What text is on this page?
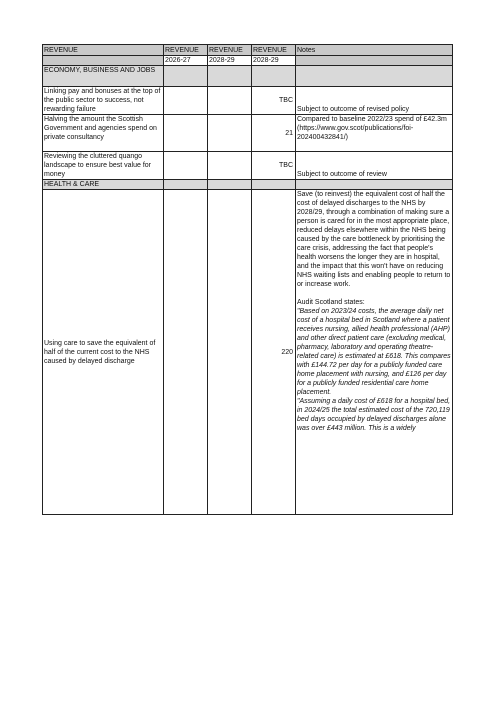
REVENUE	REVENUE	REVENUE	REVENUE	Notes
	2026-27	2028-29	2028-29	
ECONOMY, BUSINESS AND JOBS				
Linking pay and bonuses at the top of the public sector to success, not rewarding failure			TBC	Subject to outcome of revised policy
Halving the amount the Scottish Government and agencies spend on private consultancy			21	Compared to baseline 2022/23 spend of £42.3m (https://www.gov.scot/publications/foi-202400432841/)
Reviewing the cluttered quango landscape to ensure best value for money			TBC	Subject to outcome of review
HEALTH & CARE				
Using care to save the equivalent of half of the current cost to the NHS caused by delayed discharge			220	Save (to reinvest) the equivalent cost of half the cost of delayed discharges to the NHS by 2028/29, through a combination of making sure a person is cared for in the most appropriate place, reduced delays elsewhere within the NHS being caused by the care bottleneck by prioritising the care crisis, addressing the fact that people's health worsens the longer they are in hospital, and the impact that this won't have on reducing NHS waiting lists and enabling people to return to or increase work.

Audit Scotland states:

"Based on 2023/24 costs, the average daily net cost of a hospital bed in Scotland where a patient receives nursing, allied health professional (AHP) and other direct patient care (excluding medical, pharmacy, laboratory and operating theatre-related care) is estimated at £618. This compares with £144.72 per day for a publicly funded care home placement with nursing, and £126 per day for a publicly funded residential care home placement.
"Assuming a daily cost of £618 for a hospital bed, in 2024/25 the total estimated cost of the 720,119 bed days occupied by delayed discharges alone was over £443 million. This is a widely
